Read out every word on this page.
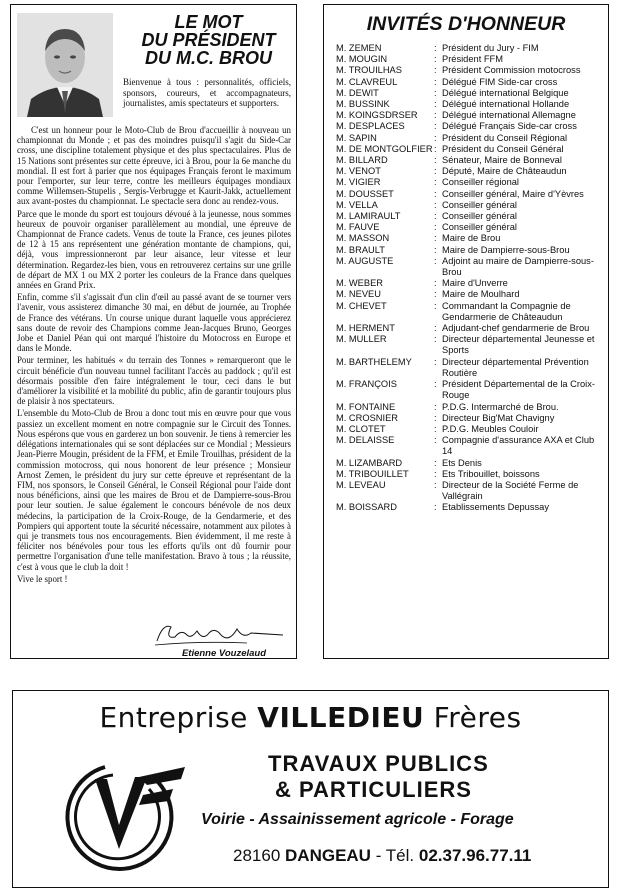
LE MOT
DU PRÉSIDENT
DU M.C. BROU
Bienvenue à tous : personnalités, officiels, sponsors, coureurs, et accompagnateurs, journalistes, amis spectateurs et supporters.

C'est un honneur pour le Moto-Club de Brou d'accueillir à nouveau un championnat du Monde ; et pas des moindres puisqu'il s'agit du Side-Car cross, une discipline totalement physique et des plus spectaculaires. Plus de 15 Nations sont présentes sur cette épreuve, ici à Brou, pour la 6e manche du mondial. Il est fort à parier que nos équipages Français feront le maximum pour l'emporter, sur leur terre, contre les meilleurs équipages mondiaux comme Willemsen-Stupelis , Sergis-Verbrugge et Kaurit-Jakk, actuellement aux avant-postes du championnat. Le spectacle sera donc au rendez-vous.

Parce que le monde du sport est toujours dévoué à la jeunesse, nous sommes heureux de pouvoir organiser parallèlement au mondial, une épreuve de Championnat de France cadets. Venus de toute la France, ces jeunes pilotes de 12 à 15 ans représentent une génération montante de champions, qui, déjà, vous impressionneront par leur aisance, leur vitesse et leur détermination. Regardez-les bien, vous en retrouverez certains sur une grille de départ de MX 1 ou MX 2 porter les couleurs de la France dans quelques années en Grand Prix.

Enfin, comme s'il s'agissait d'un clin d'œil au passé avant de se tourner vers l'avenir, vous assisterez dimanche 30 mai, en début de journée, au Trophée de France des vétérans. Un course unique durant laquelle vous apprécierez sans doute de revoir des Champions comme Jean-Jacques Bruno, Georges Jobe et Daniel Péan qui ont marqué l'histoire du Motocross en Europe et dans le Monde.

Pour terminer, les habitués « du terrain des Tonnes » remarqueront que le circuit bénéficie d'un nouveau tunnel facilitant l'accès au paddock ; qu'il est désormais possible d'en faire intégralement le tour, ceci dans le but d'améliorer la visibilité et la mobilité du public, afin de garantir toujours plus de plaisir à nos spectateurs.

L'ensemble du Moto-Club de Brou a donc tout mis en œuvre pour que vous passiez un excellent moment en notre compagnie sur le Circuit des Tonnes. Nous espérons que vous en garderez un bon souvenir. Je tiens à remercier les délégations internationales qui se sont déplacées sur ce Mondial ; Messieurs Jean-Pierre Mougin, président de la FFM, et Emile Trouilhas, président de la commission motocross, qui nous honorent de leur présence ; Monsieur Arnost Zemen, le président du jury sur cette épreuve et représentant de la FIM, nos sponsors, le Conseil Général, le Conseil Régional pour l'aide dont nous bénéficions, ainsi que les maires de Brou et de Dampierre-sous-Brou pour leur soutien. Je salue également le concours bénévole de nos deux médecins, la participation de la Croix-Rouge, de la Gendarmerie, et des Pompiers qui apportent toute la sécurité nécessaire, notamment aux pilotes à qui je transmets tous nos encouragements. Bien évidemment, il me reste à féliciter nos bénévoles pour tous les efforts qu'ils ont dû fournir pour permettre l'organisation d'une telle manifestation. Bravo à tous ; la réussite, c'est à vous que le club la doit !

Vive le sport !

Etienne Vouzelaud
INVITÉS D'HONNEUR
M. ZEMEN	: Président du Jury - FIM
M. MOUGIN	: Président FFM
M. TROUILHAS	: Président Commission motocross
M. CLAVREUL	: Délégué FIM Side-car cross
M. DEWIT	: Délégué international Belgique
M. BUSSINK	: Délégué international Hollande
M. KOINGSDRSER	: Délégué international Allemagne
M. DESPLACES	: Délégué Français Side-car cross
M. SAPIN	: Président du Conseil Régional
M. DE MONTGOLFIER : Président du Conseil Général
M. BILLARD	: Sénateur, Maire de Bonneval
M. VENOT	: Député, Maire de Châteaudun
M. VIGIER	: Conseiller régional
M. DOUSSET	: Conseiller général, Maire d'Yèvres
M. VELLA	: Conseiller général
M. LAMIRAULT	: Conseiller général
M. FAUVE	: Conseiller général
M. MASSON	: Maire de Brou
M. BRAULT	: Maire de Dampierre-sous-Brou
M. AUGUSTE	: Adjoint au maire de Dampierre-sous-Brou
M. WEBER	: Maire d'Unverre
M. NEVEU	: Maire de Moulhard
M. CHEVET	: Commandant la Compagnie de Gendarmerie de Châteaudun
M. HERMENT	: Adjudant-chef gendarmerie de Brou
M. MULLER	: Directeur départemental Jeunesse et Sports
M. BARTHELEMY	: Directeur départemental Prévention Routière
M. FRANÇOIS	: Président Départemental de la Croix-Rouge
M. FONTAINE	: P.D.G. Intermarché de Brou.
M. CROSNIER	: Directeur Big'Mat Chavigny
M. CLOTET	: P.D.G. Meubles Couloir
M. DELAISSE	: Compagnie d'assurance AXA et Club 14
M. LIZAMBARD	: Ets Denis
M. TRIBOUILLET	: Ets Tribouillet, boissons
M. LEVEAU	: Directeur de la Société Ferme de Vallégrain
M. BOISSARD	: Etablissements Depussay
Entreprise VILLEDIEU Frères
TRAVAUX PUBLICS
& PARTICULIERS
Voirie - Assainissement agricole - Forage
28160 DANGEAU - Tél. 02.37.96.77.11
